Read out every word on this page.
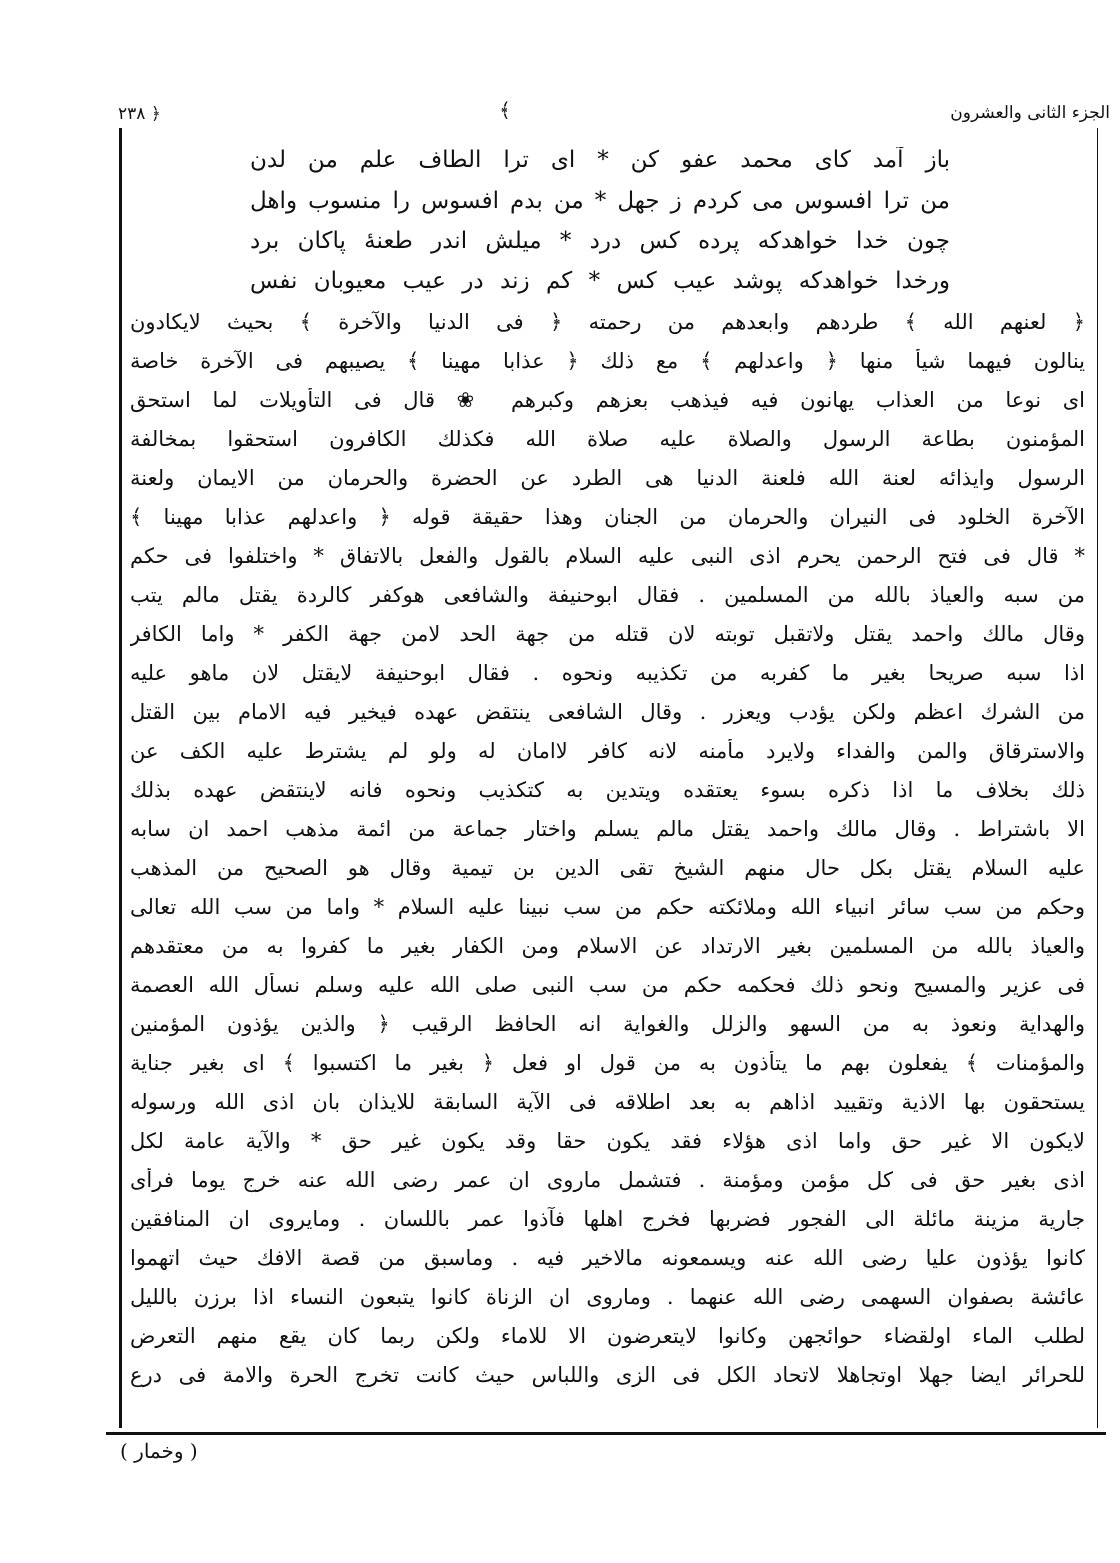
﴿ ۲۳۸	﴾	الجزء الثانى والعشرون
باز آمد کای محمد عفو کن * ای ترا الطاف علم من لدن
من ترا افسوس می کردم ز جهل * من بدم افسوس را منسوب واهل
چون خدا خواهدکه پرده کس درد * میلش اندر طعنهٔ پاکان برد
ورخدا خواهدکه پوشد عیب کس * کم زند در عیب معیوبان نفس
﴿ لعنهم الله ﴾ طردهم وابعدهم من رحمته ﴿ فى الدنيا والآخرة ﴾ بحيث لايكادون
ينالون فيهما شيأ منها ﴿ واعدلهم ﴾ مع ذلك ﴿ عذابا مهينا ﴾ يصيبهم فى الآخرة خاصة
اى نوعا من العذاب يهانون فيه فيذهب بعزهم وكبرهم ❀ قال فى التأويلات لما استحق
المؤمنون بطاعة الرسول والصلاة عليه صلاة الله فكذلك الكافرون استحقوا بمخالفة
الرسول وايذائه لعنة الله فلعنة الدنيا هى الطرد عن الحضرة والحرمان من الايمان ولعنة
الآخرة الخلود فى النيران والحرمان من الجنان وهذا حقيقة قوله ﴿ واعدلهم عذابا مهينا ﴾
* قال فى فتح الرحمن يحرم اذى النبى عليه السلام بالقول والفعل بالاتفاق * واختلفوا فى حكم
من سبه والعياذ بالله من المسلمين . فقال ابوحنيفة والشافعى هوكفر كالردة يقتل مالم يتب
وقال مالك واحمد يقتل ولاتقبل توبته لان قتله من جهة الحد لامن جهة الكفر * واما الكافر
اذا سبه صريحا بغير ما كفربه من تكذيبه ونحوه . فقال ابوحنيفة لايقتل لان ماهو عليه
من الشرك اعظم ولكن يؤدب ويعزر . وقال الشافعى ينتقض عهده فيخير فيه الامام بين القتل
والاسترقاق والمن والفداء ولايرد مأمنه لانه كافر لاامان له ولو لم يشترط عليه الكف عن
ذلك بخلاف ما اذا ذكره بسوء يعتقده ويتدين به كتكذيب ونحوه فانه لاينتقض عهده بذلك
الا باشتراط . وقال مالك واحمد يقتل مالم يسلم واختار جماعة من ائمة مذهب احمد ان سابه
عليه السلام يقتل بكل حال منهم الشيخ تقى الدين بن تيمية وقال هو الصحيح من المذهب
وحكم من سب سائر انبياء الله وملائكته حكم من سب نبينا عليه السلام * واما من سب الله تعالى
والعياذ بالله من المسلمين بغير الارتداد عن الاسلام ومن الكفار بغير ما كفروا به من معتقدهم
فى عزير والمسيح ونحو ذلك فحكمه حكم من سب النبى صلى الله عليه وسلم نسأل الله العصمة
والهداية ونعوذ به من السهو والزلل والغواية انه الحافظ الرقيب ﴿ والذين يؤذون المؤمنين
والمؤمنات ﴾ يفعلون بهم ما يتأذون به من قول او فعل ﴿ بغير ما اكتسبوا ﴾ اى بغير جناية
يستحقون بها الاذية وتقييد اذاهم به بعد اطلاقه فى الآية السابقة للايذان بان اذى الله ورسوله
لايكون الا غير حق واما اذى هؤلاء فقد يكون حقا وقد يكون غير حق * والآية عامة لكل
اذى بغير حق فى كل مؤمن ومؤمنة . فتشمل ماروى ان عمر رضى الله عنه خرج يوما فرأى
جارية مزينة مائلة الى الفجور فضربها فخرج اهلها فآذوا عمر باللسان . ومايروى ان المنافقين
كانوا يؤذون عليا رضى الله عنه ويسمعونه مالاخير فيه . وماسبق من قصة الافك حيث اتهموا
عائشة بصفوان السهمى رضى الله عنهما . وماروى ان الزناة كانوا يتبعون النساء اذا برزن بالليل
لطلب الماء اولقضاء حوائجهن وكانوا لايتعرضون الا للاماء ولكن ربما كان يقع منهم التعرض
للحرائر ايضا جهلا اوتجاهلا لاتحاد الكل فى الزى واللباس حيث كانت تخرج الحرة والامة فى درع
( وخمار )
